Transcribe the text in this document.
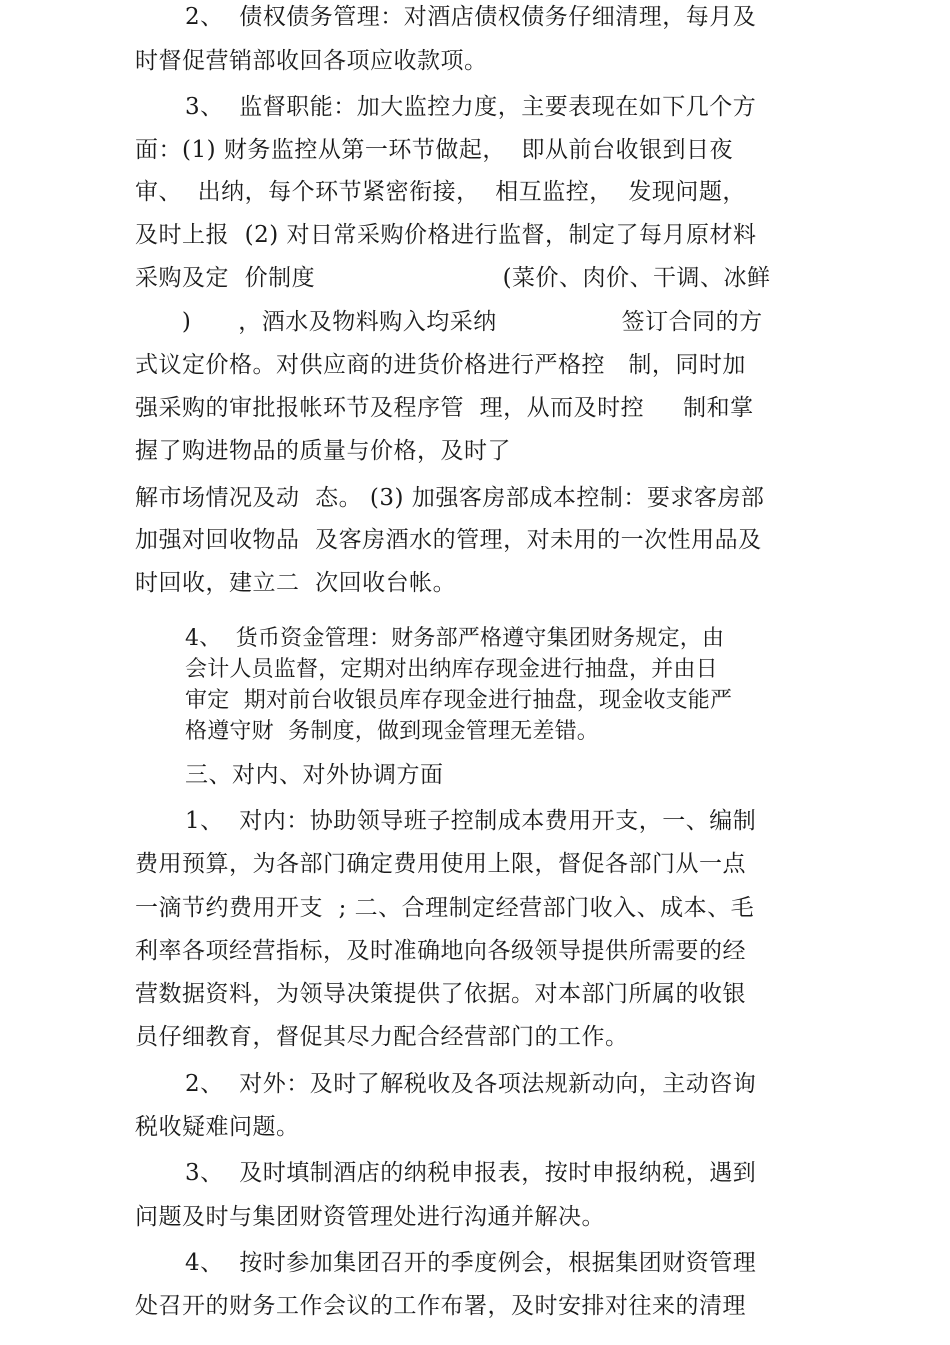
2、  债权债务管理：对酒店债权债务仔细清理，每月及
时督促营销部收回各项应收款项。
3、  监督职能：加大监控力度，主要表现在如下几个方
面：(1) 财务监控从第一环节做起，  即从前台收银到日夜
审、  出纳，每个环节紧密衔接，  相互监控，  发现问题，
及时上报  (2) 对日常采购价格进行监督，制定了每月原材料
采购及定  价制度                        (菜价、肉价、干调、冰鲜
)      ，酒水及物料购入均采纳                签订合同的方
式议定价格。对供应商的进货价格进行严格控   制，同时加
强采购的审批报帐环节及程序管  理，从而及时控     制和掌
握了购进物品的质量与价格，及时了
解市场情况及动  态。 (3) 加强客房部成本控制：要求客房部
加强对回收物品  及客房酒水的管理，对未用的一次性用品及
时回收，建立二  次回收台帐。
4、  货币资金管理：财务部严格遵守集团财务规定，由
会计人员监督，定期对出纳库存现金进行抽盘，并由日
审定  期对前台收银员库存现金进行抽盘，现金收支能严
格遵守财  务制度，做到现金管理无差错。
三、对内、对外协调方面
1、  对内：协助领导班子控制成本费用开支，一、编制
费用预算，为各部门确定费用使用上限，督促各部门从一点
一滴节约费用开支  ; 二、合理制定经营部门收入、成本、毛
利率各项经营指标，及时准确地向各级领导提供所需要的经
营数据资料，为领导决策提供了依据。对本部门所属的收银
员仔细教育，督促其尽力配合经营部门的工作。
2、  对外：及时了解税收及各项法规新动向，主动咨询
税收疑难问题。
3、  及时填制酒店的纳税申报表，按时申报纳税，遇到
问题及时与集团财资管理处进行沟通并解决。
4、  按时参加集团召开的季度例会，根据集团财资管理
处召开的财务工作会议的工作布署，及时安排对往来的清理
